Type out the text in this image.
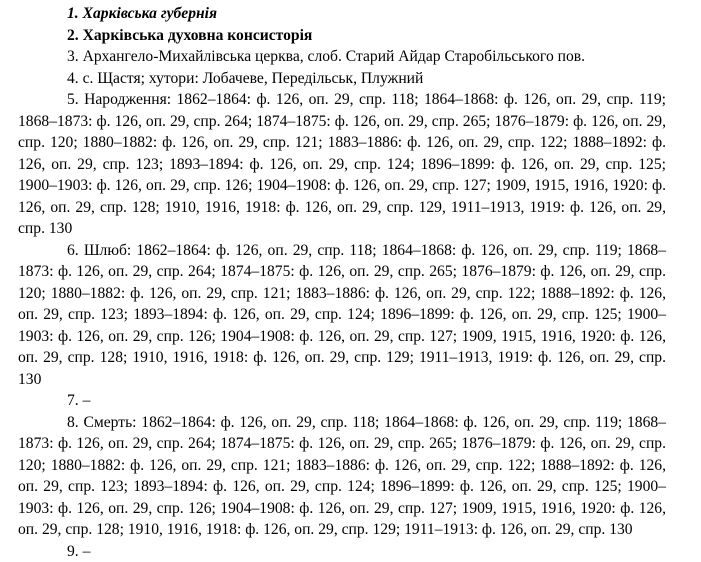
1. Харківська губернія

2. Харківська духовна консисторія

3. Архангело-Михайлівська церква, слоб. Старий Айдар Старобільського пов.

4. с. Щастя; хутори: Лобачеве, Передільськ, Плужний

5. Народження: 1862–1864: ф. 126, оп. 29, спр. 118; 1864–1868: ф. 126, оп. 29, спр. 119; 1868–1873: ф. 126, оп. 29, спр. 264; 1874–1875: ф. 126, оп. 29, спр. 265; 1876–1879: ф. 126, оп. 29, спр. 120; 1880–1882: ф. 126, оп. 29, спр. 121; 1883–1886: ф. 126, оп. 29, спр. 122; 1888–1892: ф. 126, оп. 29, спр. 123; 1893–1894: ф. 126, оп. 29, спр. 124; 1896–1899: ф. 126, оп. 29, спр. 125; 1900–1903: ф. 126, оп. 29, спр. 126; 1904–1908: ф. 126, оп. 29, спр. 127; 1909, 1915, 1916, 1920: ф. 126, оп. 29, спр. 128; 1910, 1916, 1918: ф. 126, оп. 29, спр. 129, 1911–1913, 1919: ф. 126, оп. 29, спр. 130

6. Шлюб: 1862–1864: ф. 126, оп. 29, спр. 118; 1864–1868: ф. 126, оп. 29, спр. 119; 1868–1873: ф. 126, оп. 29, спр. 264; 1874–1875: ф. 126, оп. 29, спр. 265; 1876–1879: ф. 126, оп. 29, спр. 120; 1880–1882: ф. 126, оп. 29, спр. 121; 1883–1886: ф. 126, оп. 29, спр. 122; 1888–1892: ф. 126, оп. 29, спр. 123; 1893–1894: ф. 126, оп. 29, спр. 124; 1896–1899: ф. 126, оп. 29, спр. 125; 1900–1903: ф. 126, оп. 29, спр. 126; 1904–1908: ф. 126, оп. 29, спр. 127; 1909, 1915, 1916, 1920: ф. 126, оп. 29, спр. 128; 1910, 1916, 1918: ф. 126, оп. 29, спр. 129; 1911–1913, 1919: ф. 126, оп. 29, спр. 130

7. –

8. Смерть: 1862–1864: ф. 126, оп. 29, спр. 118; 1864–1868: ф. 126, оп. 29, спр. 119; 1868–1873: ф. 126, оп. 29, спр. 264; 1874–1875: ф. 126, оп. 29, спр. 265; 1876–1879: ф. 126, оп. 29, спр. 120; 1880–1882: ф. 126, оп. 29, спр. 121; 1883–1886: ф. 126, оп. 29, спр. 122; 1888–1892: ф. 126, оп. 29, спр. 123; 1893–1894: ф. 126, оп. 29, спр. 124; 1896–1899: ф. 126, оп. 29, спр. 125; 1900–1903: ф. 126, оп. 29, спр. 126; 1904–1908: ф. 126, оп. 29, спр. 127; 1909, 1915, 1916, 1920: ф. 126, оп. 29, спр. 128; 1910, 1916, 1918: ф. 126, оп. 29, спр. 129; 1911–1913: ф. 126, оп. 29, спр. 130

9. –
